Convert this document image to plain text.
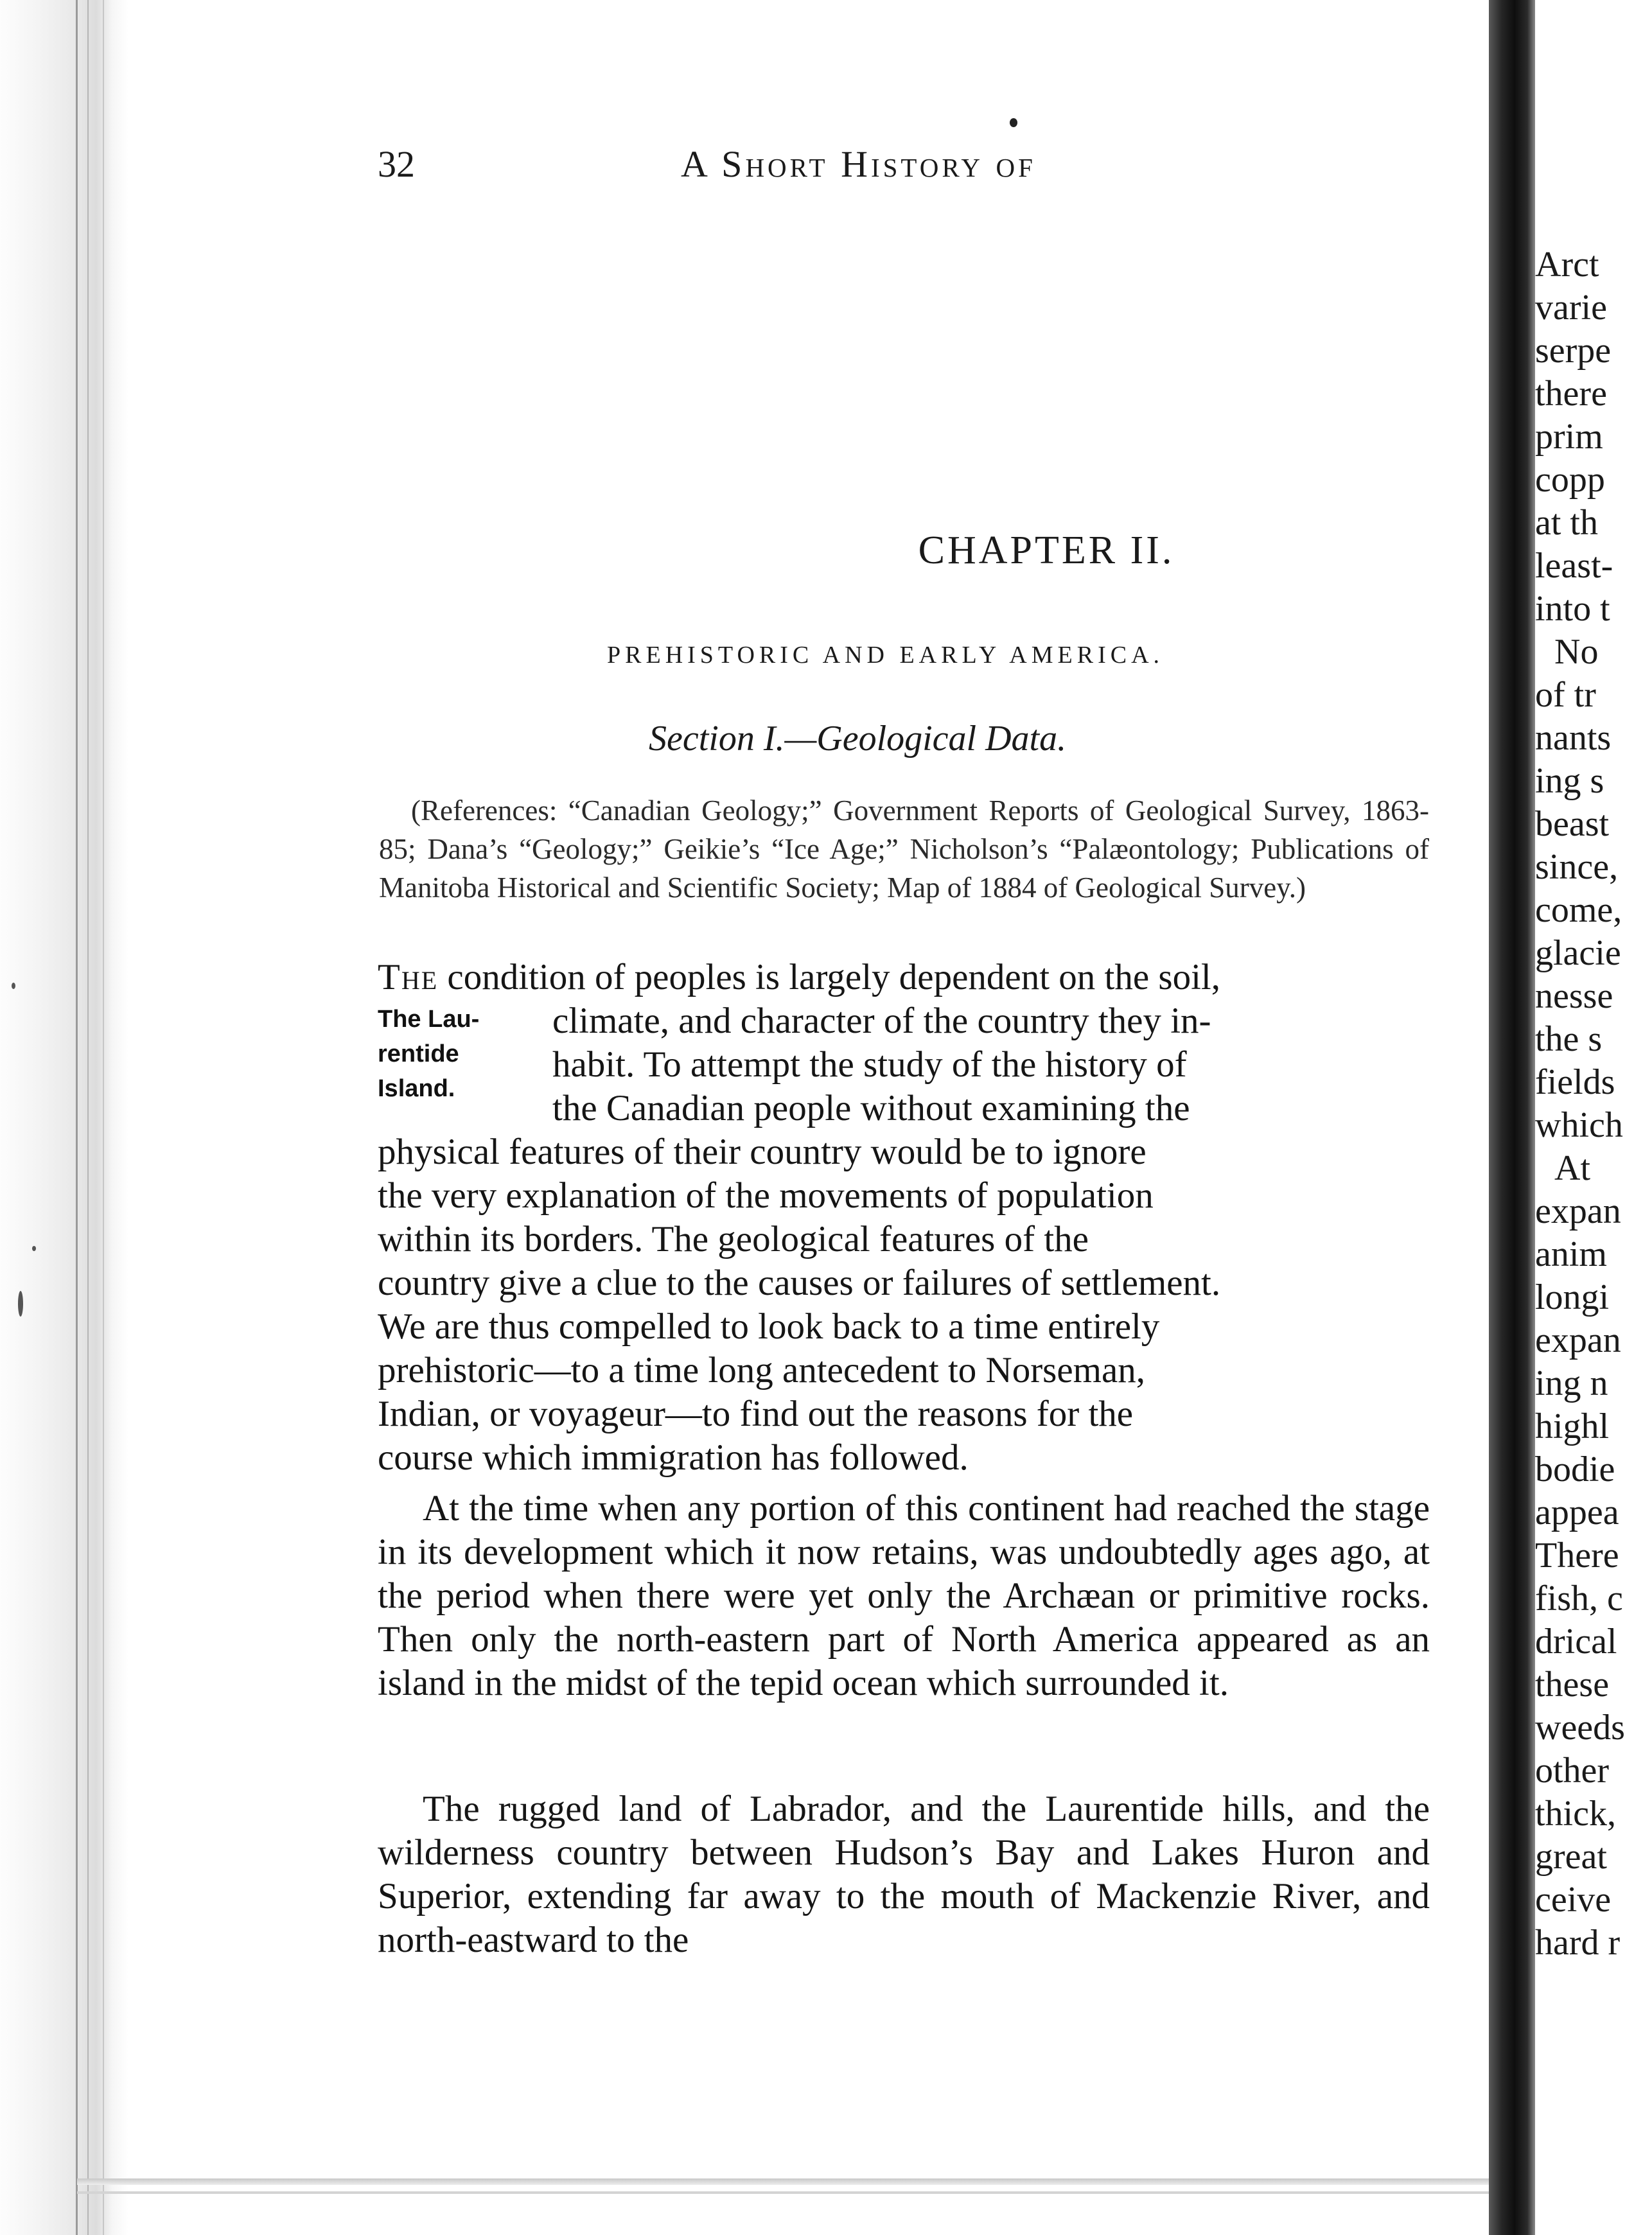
32	A Short History of
CHAPTER II.
PREHISTORIC AND EARLY AMERICA.
Section I.—Geological Data.
(References: “Canadian Geology;” Government Reports of Geological Survey, 1863-85; Dana’s “Geology;” Geikie’s “Ice Age;” Nicholson’s “Palæontology; Publications of Manitoba Historical and Scientific Society; Map of 1884 of Geological Survey.)
The Lau-
rentide
Island.
The condition of peoples is largely dependent on the soil,
climate, and character of the country they in-
habit. To attempt the study of the history of
the Canadian people without examining the
physical features of their country would be to ignore
the very explanation of the movements of population
within its borders. The geological features of the
country give a clue to the causes or failures of settlement.
We are thus compelled to look back to a time entirely
prehistoric—to a time long antecedent to Norseman,
Indian, or voyageur—to find out the reasons for the
course which immigration has followed.
At the time when any portion of this continent had reached the stage in its development which it now retains, was undoubtedly ages ago, at the period when there were yet only the Archæan or primitive rocks. Then only the north-eastern part of North America appeared as an island in the midst of the tepid ocean which surrounded it.
The rugged land of Labrador, and the Laurentide hills, and the wilderness country between Hudson’s Bay and Lakes Huron and Superior, extending far away to the mouth of Mackenzie River, and north-eastward to the
Arct
varie
serpe
there
prim
copp
at th
least-
into t
No
of tr
nants
ing s
beast
since,
come,
glacie
nesse
the s
fields
which
At
expan
anim
longi
expan
ing n
highl
bodie
appea
There
fish, c
drical
these
weeds
other
thick,
great
ceive
hard r
